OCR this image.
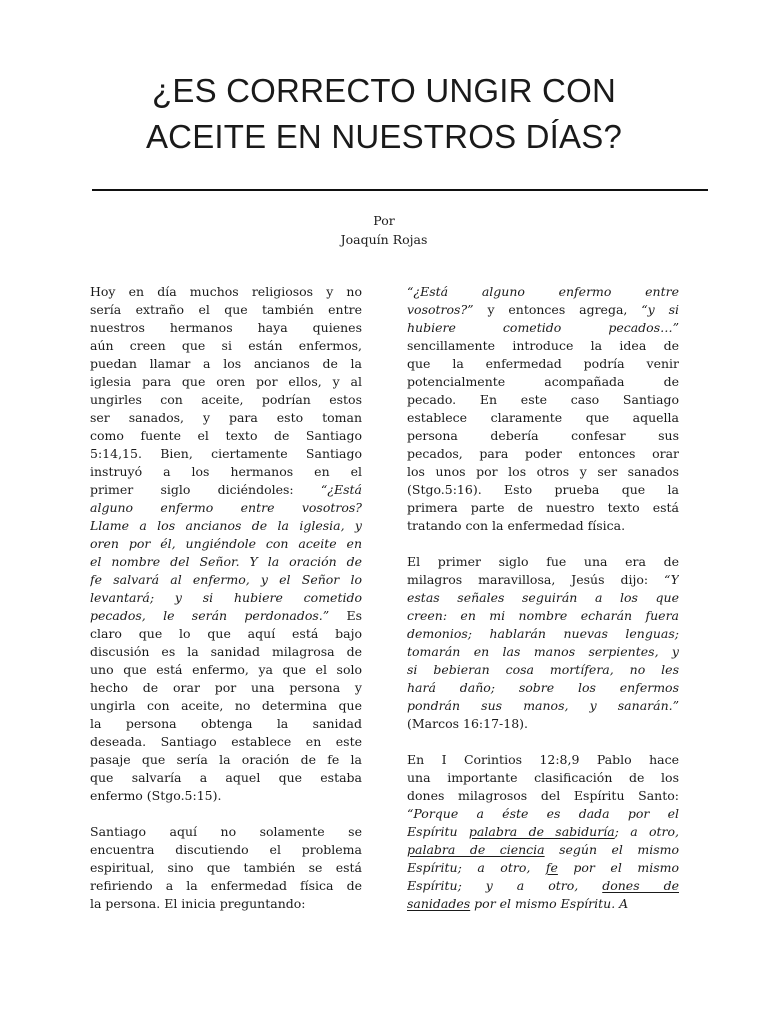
¿ES CORRECTO UNGIR CON
ACEITE EN NUESTROS DÍAS?
Por
Joaquín Rojas

Hoy en día muchos religiosos y no
sería extraño el que también entre
nuestros hermanos haya quienes
aún creen que si están enfermos,
puedan llamar a los ancianos de la
iglesia para que oren por ellos, y al
ungirles con aceite, podrían estos
ser sanados, y para esto toman
como fuente el texto de Santiago
5:14,15. Bien, ciertamente Santiago
instruyó a los hermanos en el
primer siglo diciéndoles: “¿Está
alguno enfermo entre vosotros?
Llame a los ancianos de la iglesia, y
oren por él, ungiéndole con aceite en
el nombre del Señor. Y la oración de
fe salvará al enfermo, y el Señor lo
levantará; y si hubiere cometido
pecados, le serán perdonados.” Es
claro que lo que aquí está bajo
discusión es la sanidad milagrosa de
uno que está enfermo, ya que el solo
hecho de orar por una persona y
ungirla con aceite, no determina que
la persona obtenga la sanidad
deseada. Santiago establece en este
pasaje que sería la oración de fe la
que salvaría a aquel que estaba
enfermo (Stgo.5:15).

Santiago aquí no solamente se
encuentra discutiendo el problema
espiritual, sino que también se está
refiriendo a la enfermedad física de
la persona. El inicia preguntando:

“¿Está alguno enfermo entre
vosotros?” y entonces agrega, “y si
hubiere cometido pecados…”
sencillamente introduce la idea de
que la enfermedad podría venir
potencialmente acompañada de
pecado. En este caso Santiago
establece claramente que aquella
persona debería confesar sus
pecados, para poder entonces orar
los unos por los otros y ser sanados
(Stgo.5:16). Esto prueba que la
primera parte de nuestro texto está
tratando con la enfermedad física.

El primer siglo fue una era de
milagros maravillosa, Jesús dijo: “Y
estas señales seguirán a los que
creen: en mi nombre echarán fuera
demonios; hablarán nuevas lenguas;
tomarán en las manos serpientes, y
si bebieran cosa mortífera, no les
hará daño; sobre los enfermos
pondrán sus manos, y sanarán.”
(Marcos 16:17-18).

En I Corintios 12:8,9 Pablo hace
una importante clasificación de los
dones milagrosos del Espíritu Santo:
“Porque a éste es dada por el
Espíritu palabra de sabiduría; a otro,
palabra de ciencia según el mismo
Espíritu; a otro, fe por el mismo
Espíritu; y a otro, dones de
sanidades por el mismo Espíritu. A
